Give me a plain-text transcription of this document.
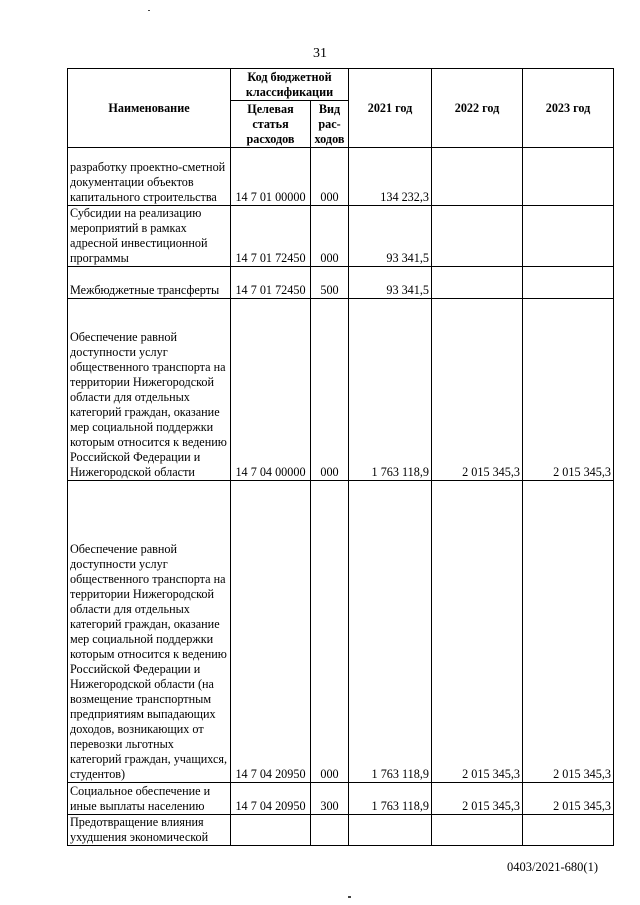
31
Наименование	Код бюджетной классификации		2021 год	2022 год	2023 год
	Целевая статья расходов	Вид рас-ходов			
разработку проектно-сметной документации объектов капитального строительства	14 7 01 00000	000	134 232,3		
Субсидии на реализацию мероприятий в рамках адресной инвестиционной программы	14 7 01 72450	000	93 341,5		
Межбюджетные трансферты	14 7 01 72450	500	93 341,5		
Обеспечение равной доступности услуг общественного транспорта на территории Нижегородской области для отдельных категорий граждан, оказание мер социальной поддержки которым относится к ведению Российской Федерации и Нижегородской области	14 7 04 00000	000	1 763 118,9	2 015 345,3	2 015 345,3
Обеспечение равной доступности услуг общественного транспорта на территории Нижегородской области для отдельных категорий граждан, оказание мер социальной поддержки которым относится к ведению Российской Федерации и Нижегородской области (на возмещение транспортным предприятиям выпадающих доходов, возникающих от перевозки льготных категорий граждан, учащихся, студентов)	14 7 04 20950	000	1 763 118,9	2 015 345,3	2 015 345,3
Социальное обеспечение и иные выплаты населению	14 7 04 20950	300	1 763 118,9	2 015 345,3	2 015 345,3
Предотвращение влияния ухудшения экономической					
0403/2021-680(1)
